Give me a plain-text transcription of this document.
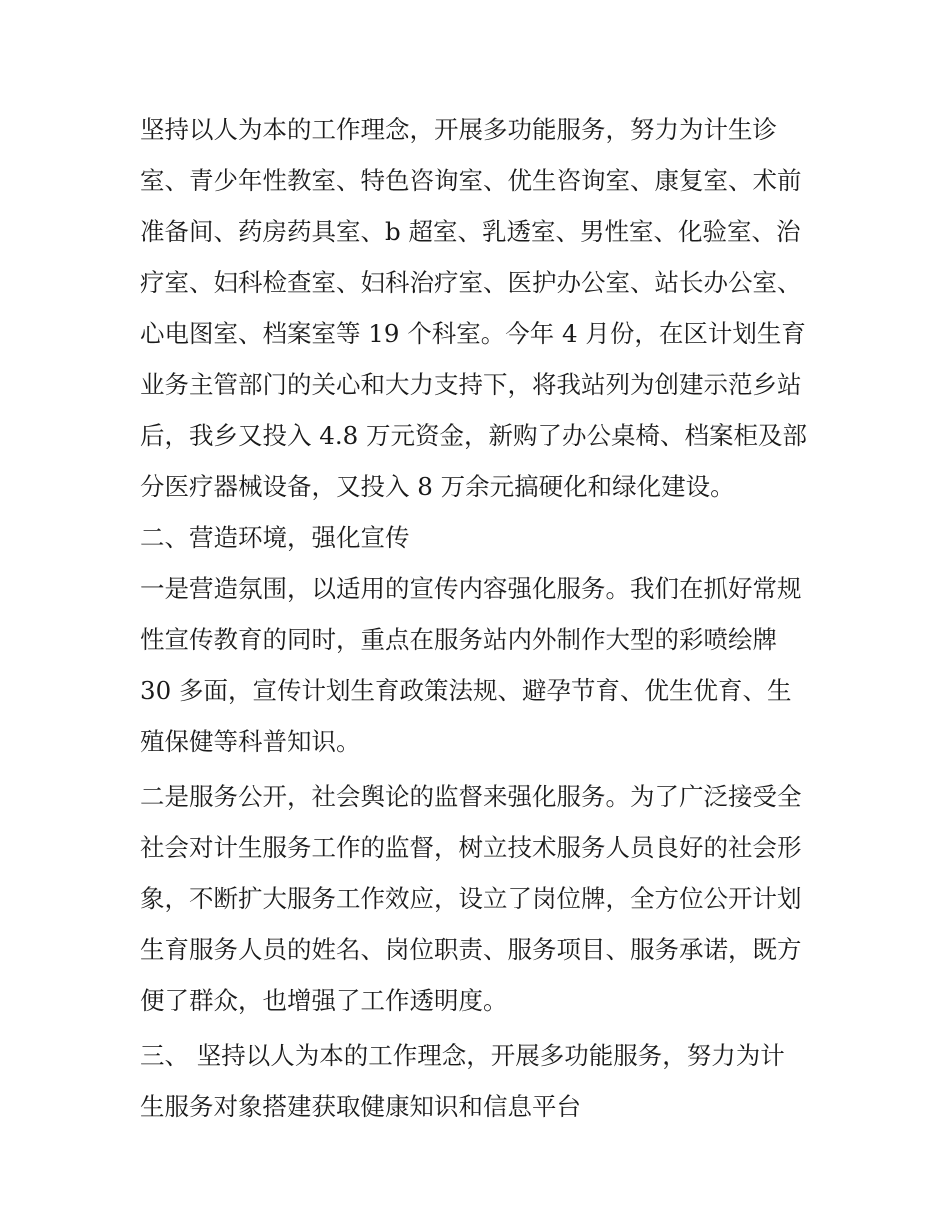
坚持以人为本的工作理念，开展多功能服务，努力为计生诊
室、青少年性教室、特色咨询室、优生咨询室、康复室、术前
准备间、药房药具室、b 超室、乳透室、男性室、化验室、治
疗室、妇科检查室、妇科治疗室、医护办公室、站长办公室、
心电图室、档案室等 19 个科室。今年 4 月份，在区计划生育
业务主管部门的关心和大力支持下，将我站列为创建示范乡站
后，我乡又投入 4.8 万元资金，新购了办公桌椅、档案柜及部
分医疗器械设备，又投入 8 万余元搞硬化和绿化建设。
二、营造环境，强化宣传
一是营造氛围，以适用的宣传内容强化服务。我们在抓好常规
性宣传教育的同时，重点在服务站内外制作大型的彩喷绘牌
30 多面，宣传计划生育政策法规、避孕节育、优生优育、生
殖保健等科普知识。
二是服务公开，社会舆论的监督来强化服务。为了广泛接受全
社会对计生服务工作的监督，树立技术服务人员良好的社会形
象，不断扩大服务工作效应，设立了岗位牌，全方位公开计划
生育服务人员的姓名、岗位职责、服务项目、服务承诺，既方
便了群众，也增强了工作透明度。
三、 坚持以人为本的工作理念，开展多功能服务，努力为计
生服务对象搭建获取健康知识和信息平台
